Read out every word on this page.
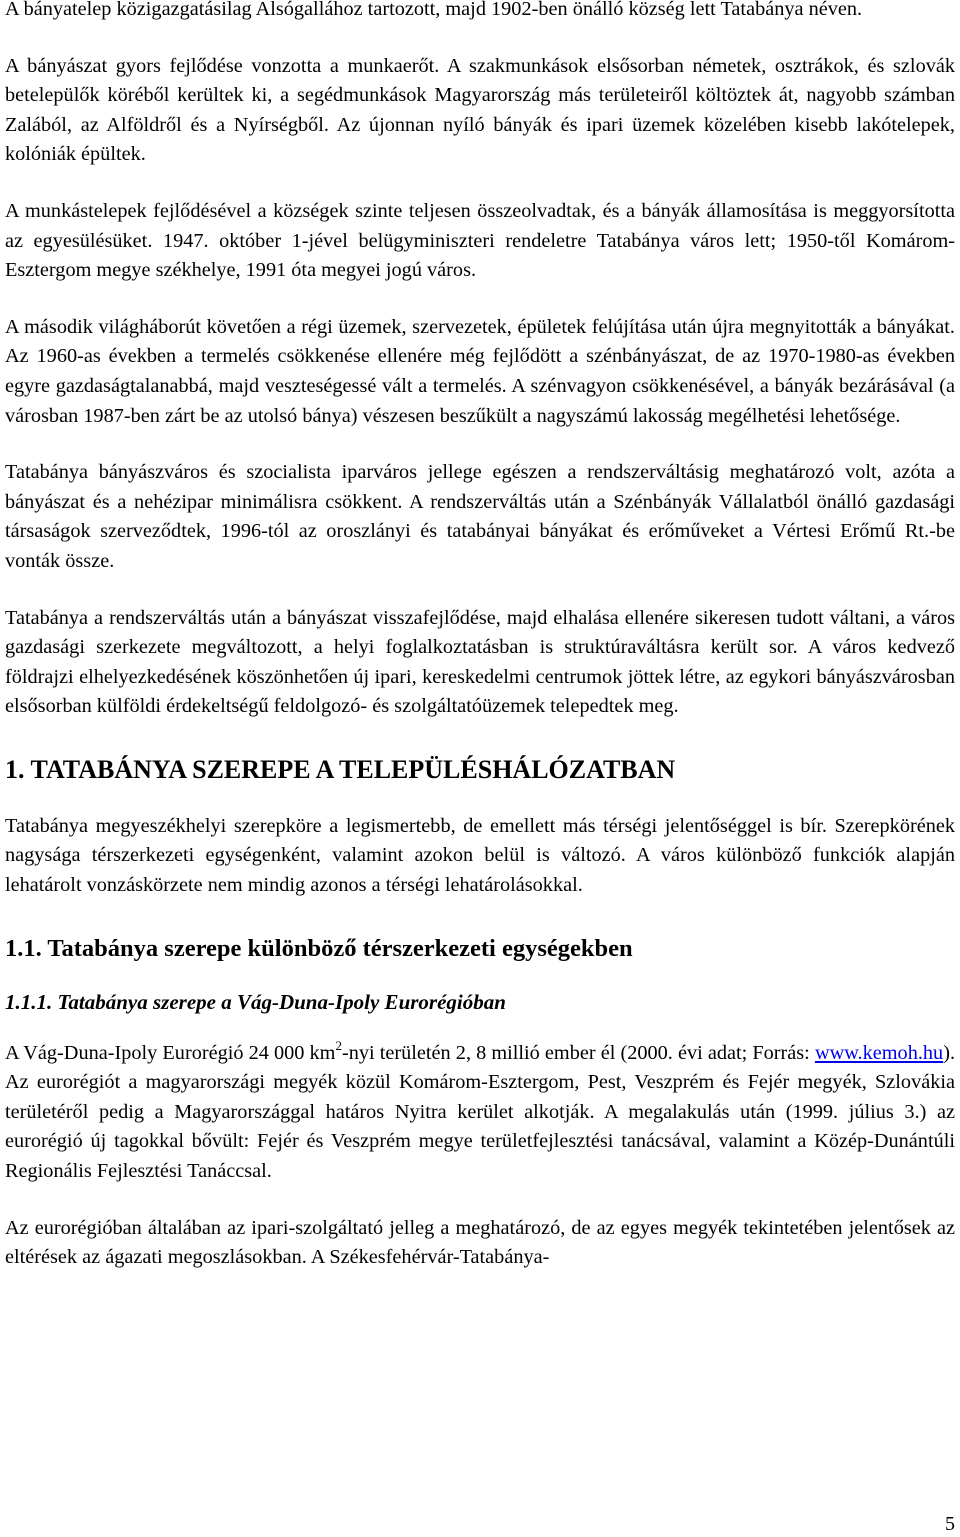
A bányatelep közigazgatásilag Alsógallához tartozott, majd 1902-ben önálló község lett Tatabánya néven.

A bányászat gyors fejlődése vonzotta a munkaerőt. A szakmunkások elsősorban németek, osztrákok, és szlovák betelepülők köréből kerültek ki, a segédmunkások Magyarország más területeiről költöztek át, nagyobb számban Zalából, az Alföldről és a Nyírségből. Az újonnan nyíló bányák és ipari üzemek közelében kisebb lakótelepek, kolóniák épültek.

A munkástelepek fejlődésével a községek szinte teljesen összeolvadtak, és a bányák államosítása is meggyorsította az egyesülésüket. 1947. október 1-jével belügyminiszteri rendeletre Tatabánya város lett; 1950-től Komárom-Esztergom megye székhelye, 1991 óta megyei jogú város.

A második világháborút követően a régi üzemek, szervezetek, épületek felújítása után újra megnyitották a bányákat. Az 1960-as években a termelés csökkenése ellenére még fejlődött a szénbányászat, de az 1970-1980-as években egyre gazdaságtalanabbá, majd veszteségessé vált a termelés. A szénvagyon csökkenésével, a bányák bezárásával (a városban 1987-ben zárt be az utolsó bánya) vészesen beszűkült a nagyszámú lakosság megélhetési lehetősége.

Tatabánya bányászváros és szocialista iparváros jellege egészen a rendszerváltásig meghatározó volt, azóta a bányászat és a nehézipar minimálisra csökkent. A rendszerváltás után a Szénbányák Vállalatból önálló gazdasági társaságok szerveződtek, 1996-tól az oroszlányi és tatabányai bányákat és erőműveket a Vértesi Erőmű Rt.-be vonták össze.

Tatabánya a rendszerváltás után a bányászat visszafejlődése, majd elhalása ellenére sikeresen tudott váltani, a város gazdasági szerkezete megváltozott, a helyi foglalkoztatásban is struktúraváltásra került sor. A város kedvező földrajzi elhelyezkedésének köszönhetően új ipari, kereskedelmi centrumok jöttek létre, az egykori bányászvárosban elsősorban külföldi érdekeltségű feldolgozó- és szolgáltatóüzemek telepedtek meg.

1. TATABÁNYA SZEREPE A TELEPÜLÉSHÁLÓZATBAN

Tatabánya megyeszékhelyi szerepköre a legismertebb, de emellett más térségi jelentőséggel is bír. Szerepkörének nagysága térszerkezeti egységenként, valamint azokon belül is változó. A város különböző funkciók alapján lehatárolt vonzáskörzete nem mindig azonos a térségi lehatárolásokkal.

1.1. Tatabánya szerepe különböző térszerkezeti egységekben
1.1.1. Tatabánya szerepe a Vág-Duna-Ipoly Eurorégióban

A Vág-Duna-Ipoly Eurorégió 24 000 $km^2$-nyi területén 2, 8 millió ember él (2000. évi adat; Forrás: www.kemoh.hu). Az eurorégiót a magyarországi megyék közül Komárom-Esztergom, Pest, Veszprém és Fejér megyék, Szlovákia területéről pedig a Magyarországgal határos Nyitra kerület alkotják. A megalakulás után (1999. július 3.) az eurorégió új tagokkal bővült: Fejér és Veszprém megye területfejlesztési tanácsával, valamint a Közép-Dunántúli Regionális Fejlesztési Tanáccsal.

Az eurorégióban általában az ipari-szolgáltató jelleg a meghatározó, de az egyes megyék tekintetében jelentősek az eltérések az ágazati megoszlásokban. A Székesfehérvár-Tatabánya-

5
